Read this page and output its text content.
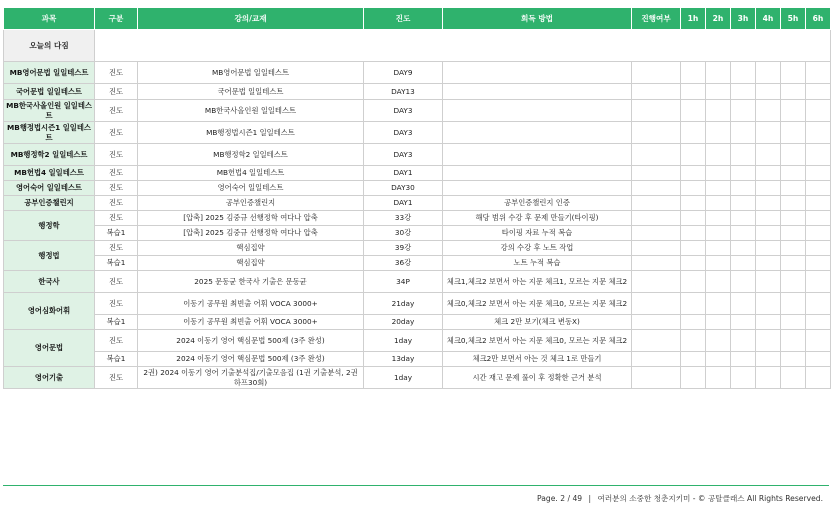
과목	구분	강의/교재	진도	회독 방법	진행여부	1h	2h	3h	4h	5h	6h
오늘의 다짐											
MB영어문법 일일테스트	진도	MB영어문법 일일테스트	DAY9								
국어문법 일일테스트	진도	국어문법 일일테스트	DAY13								
MB한국사올인원 일일테스트	진도	MB한국사올인원 일일테스트	DAY3								
MB행정법시즌1 일일테스트	진도	MB행정법시즌1 일일테스트	DAY3								
MB행정학2 일일테스트	진도	MB행정학2 일일테스트	DAY3								
MB헌법4 일일테스트	진도	MB헌법4 일일테스트	DAY1								
영어숙어 일일테스트	진도	영어숙어 일일테스트	DAY30								
공부인증챌린지	진도	공부인증챌린지	DAY1	공부인증챌린지 인증							
행정학	진도	[압축] 2025 김중규 선행정학 여다나 압축	33강	해당 범위 수강 후 문제 만들기(타이핑)							
	복습1	[압축] 2025 김중규 선행정학 여다나 압축	30강	타이핑 자료 누적 복습							
행정법	진도	핵심집약	39강	강의 수강 후 노트 작업							
	복습1	핵심집약	36강	노트 누적 복습							
한국사	진도	2025 문동균 한국사 기출은 문동균	34P	체크1,체크2 보면서 아는 지문 체크1, 모르는 지문 체크2							
영어심화어휘	진도	이동기 공무원 최빈출 어휘 VOCA 3000+	21day	체크0,체크2 보면서 아는 지문 체크0, 모르는 지문 체크2							
	복습1	이동기 공무원 최빈출 어휘 VOCA 3000+	20day	체크 2만 보기(체크 변동X)							
영어문법	진도	2024 이동기 영어 핵심문법 500제 (3주 완성)	1day	체크0,체크2 보면서 아는 지문 체크0, 모르는 지문 체크2							
	복습1	2024 이동기 영어 핵심문법 500제 (3주 완성)	13day	체크2만 보면서 아는 것 체크 1로 만들기							
영어기출	진도	2권) 2024 이동기 영어 기출분석집/기출모음집 (1권 기출분석, 2권 하프30회)	1day	시간 재고 문제 풀이 후 정확한 근거 분석							
Page. 2 / 49 | 여러분의 소중한 청춘지키미 - © 공탈클래스 All Rights Reserved.
